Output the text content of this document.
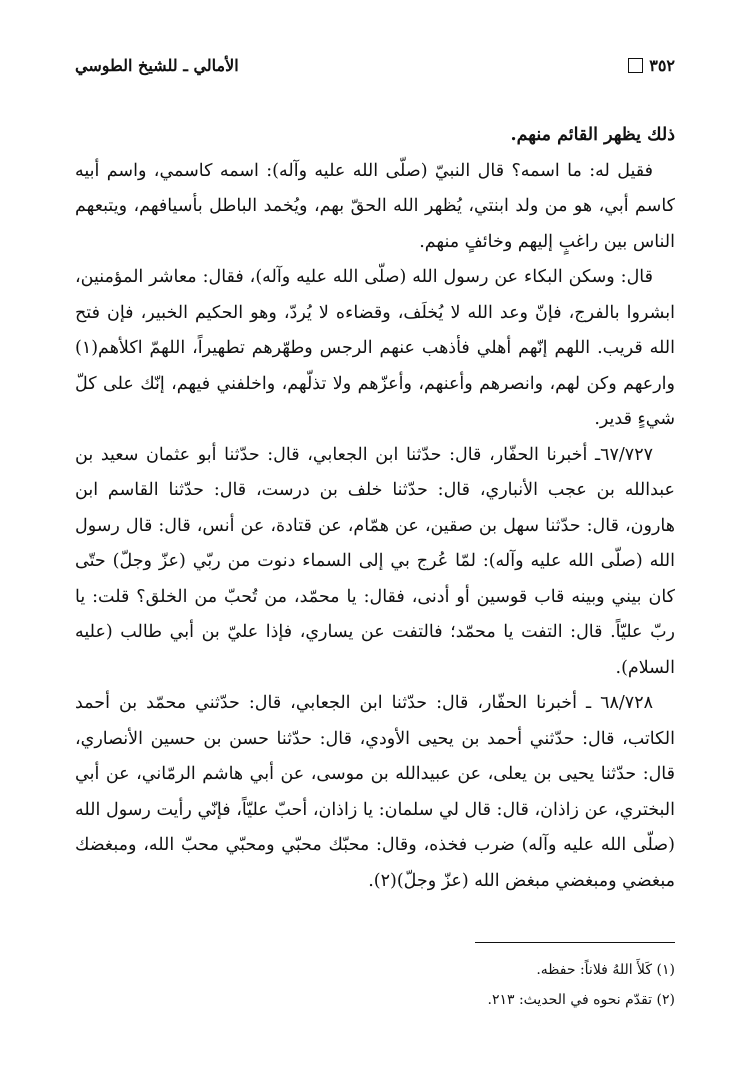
٣٥٢
الأمالي ـ للشيخ الطوسي

ذلك يظهر القائم منهم.

فقيل له: ما اسمه؟ قال النبيّ (صلّى الله عليه وآله): اسمه كاسمي، واسم أبيه كاسم أبي، هو من ولد ابنتي، يُظهر الله الحقّ بهم، ويُخمد الباطل بأسيافهم، ويتبعهم الناس بين راغبٍ إليهم وخائفٍ منهم.

قال: وسكن البكاء عن رسول الله (صلّى الله عليه وآله)، فقال: معاشر المؤمنين، ابشروا بالفرج، فإنّ وعد الله لا يُخلَف، وقضاءه لا يُردّ، وهو الحكيم الخبير، فإن فتح الله قريب. اللهم إنّهم أهلي فأذهب عنهم الرجس وطهّرهم تطهيراً، اللهمّ اكلأهم(١) وارعهم وكن لهم، وانصرهم وأعنهم، وأعزّهم ولا تذلّهم، واخلفني فيهم، إنّك على كلّ شيءٍ قدير.

٦٧/٧٢٧ـ أخبرنا الحفّار، قال: حدّثنا ابن الجعابي، قال: حدّثنا أبو عثمان سعيد بن عبدالله بن عجب الأنباري، قال: حدّثنا خلف بن درست، قال: حدّثنا القاسم ابن هارون، قال: حدّثنا سهل بن صقين، عن همّام، عن قتادة، عن أنس، قال: قال رسول الله (صلّى الله عليه وآله): لمّا عُرج بي إلى السماء دنوت من ربّي (عزّ وجلّ) حتّى كان بيني وبينه قاب قوسين أو أدنى، فقال: يا محمّد، من تُحبّ من الخلق؟ قلت: يا ربّ عليّاً. قال: التفت يا محمّد؛ فالتفت عن يساري، فإذا عليّ بن أبي طالب (عليه السلام).

٦٨/٧٢٨ ـ أخبرنا الحفّار، قال: حدّثنا ابن الجعابي، قال: حدّثني محمّد بن أحمد الكاتب، قال: حدّثني أحمد بن يحيى الأودي، قال: حدّثنا حسن بن حسين الأنصاري، قال: حدّثنا يحيى بن يعلى، عن عبيدالله بن موسى، عن أبي هاشم الرمّاني، عن أبي البختري، عن زاذان، قال: قال لي سلمان: يا زاذان، أحبّ عليّاً، فإنّي رأيت رسول الله (صلّى الله عليه وآله) ضرب فخذه، وقال: محبّك محبّي ومحبّي محبّ الله، ومبغضك مبغضي ومبغضي مبغض الله (عزّ وجلّ)(٢).

(١) كَلأَ اللهُ فلاناً: حفظه.
(٢) تقدّم نحوه في الحديث: ٢١٣.
